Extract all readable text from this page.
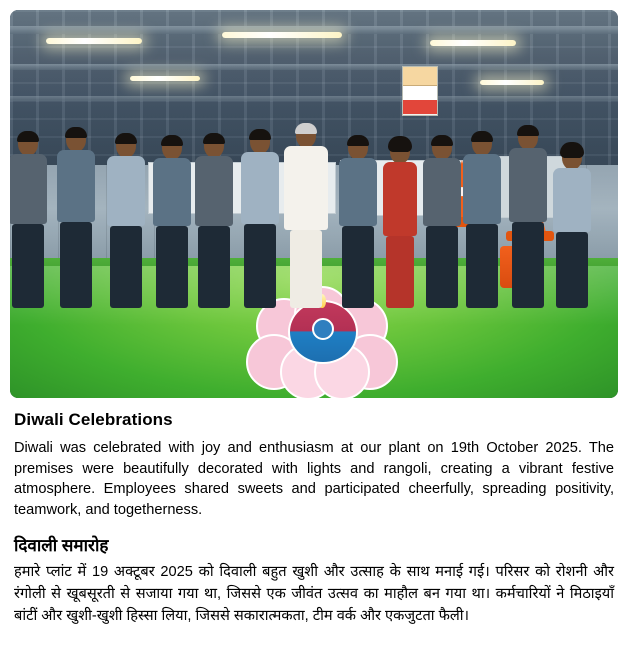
Diwali Celebrations

Diwali was celebrated with joy and enthusiasm at our plant on 19th October 2025. The premises were beautifully decorated with lights and rangoli, creating a vibrant festive atmosphere. Employees shared sweets and participated cheerfully, spreading positivity, teamwork, and togetherness.

दिवाली समारोह

हमारे प्लांट में 19 अक्टूबर 2025 को दिवाली बहुत खुशी और उत्साह के साथ मनाई गई। परिसर को रोशनी और रंगोली से खूबसूरती से सजाया गया था, जिससे एक जीवंत उत्सव का माहौल बन गया था। कर्मचारियों ने मिठाइयाँ बांटीं और खुशी-खुशी हिस्सा लिया, जिससे सकारात्मकता, टीम वर्क और एकजुटता फैली।
